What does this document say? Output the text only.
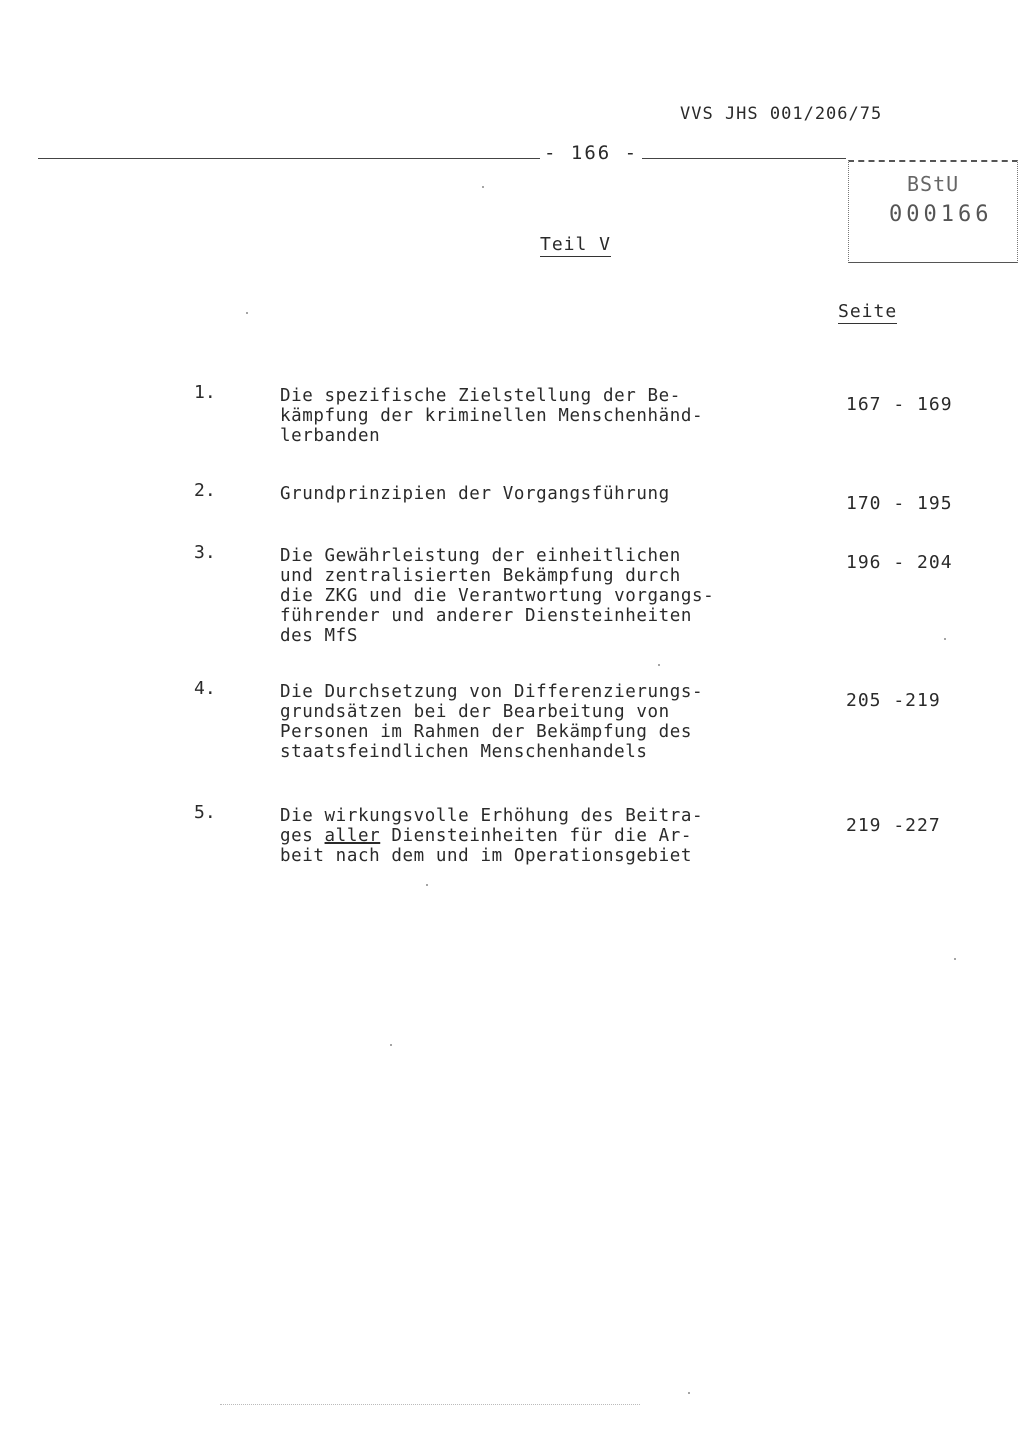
VVS JHS 001/206/75
- 166 -
BStU
000166
Teil V
Seite
1.	Die spezifische Zielstellung der Be-
kämpfung der kriminellen Menschenhänd-
lerbanden
167 - 169
2.	Grundprinzipien der Vorgangsführung	170 - 195
3.	Die Gewährleistung der einheitlichen
und zentralisierten Bekämpfung durch
die ZKG und die Verantwortung vorgangs-
führender und anderer Diensteinheiten
des MfS
196 - 204
4.	Die Durchsetzung von Differenzierungs-
grundsätzen bei der Bearbeitung von
Personen im Rahmen der Bekämpfung des
staatsfeindlichen Menschenhandels
205 -219
5.	Die wirkungsvolle Erhöhung des Beitra-
ges aller Diensteinheiten für die Ar-
beit nach dem und im Operationsgebiet
219 -227
